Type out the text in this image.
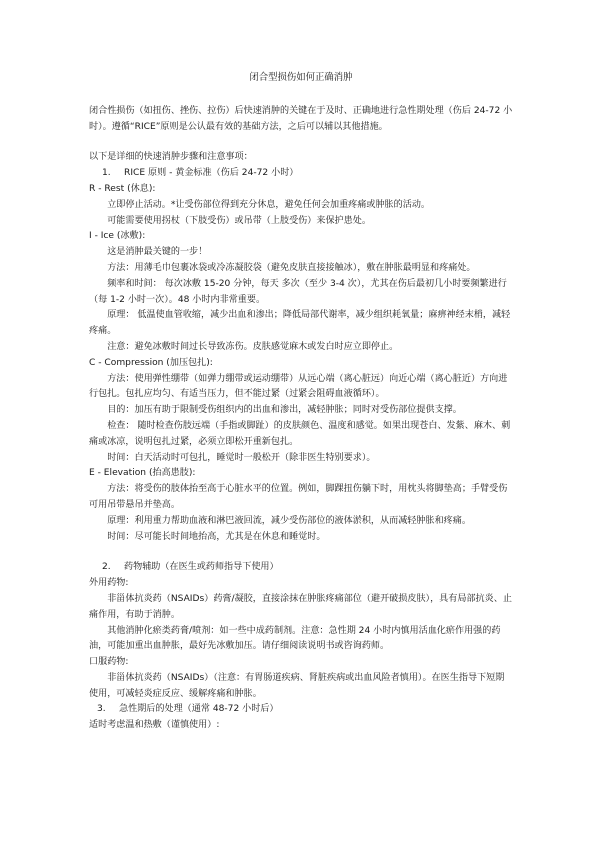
闭合型损伤如何正确消肿

闭合性损伤（如扭伤、挫伤、拉伤）后快速消肿的关键在于及时、正确地进行急性期处理（伤后 24-72 小时）。遵循“RICE”原则是公认最有效的基础方法，之后可以辅以其他措施。

以下是详细的快速消肿步骤和注意事项：

1. RICE 原则 - 黄金标准（伤后 24-72 小时）

R - Rest (休息):

立即停止活动。*让受伤部位得到充分休息，避免任何会加重疼痛或肿胀的活动。

可能需要使用拐杖（下肢受伤）或吊带（上肢受伤）来保护患处。

I - Ice (冰敷):

这是消肿最关键的一步！

方法：用薄毛巾包裹冰袋或冷冻凝胶袋（避免皮肤直接接触冰），敷在肿胀最明显和疼痛处。

频率和时间： 每次冰敷 15-20 分钟，每天 多次（至少 3-4 次），尤其在伤后最初几小时要频繁进行（每 1-2 小时一次）。48 小时内非常重要。

原理： 低温使血管收缩，减少出血和渗出；降低局部代谢率，减少组织耗氧量；麻痹神经末梢，减轻疼痛。

注意：避免冰敷时间过长导致冻伤。皮肤感觉麻木或发白时应立即停止。

C - Compression (加压包扎):

方法：使用弹性绷带（如弹力绷带或运动绷带）从远心端（离心脏远）向近心端（离心脏近）方向进行包扎。包扎应均匀、有适当压力，但不能过紧（过紧会阻碍血液循环）。

目的：加压有助于限制受伤组织内的出血和渗出，减轻肿胀；同时对受伤部位提供支撑。

检查： 随时检查伤肢远端（手指或脚趾）的皮肤颜色、温度和感觉。如果出现苍白、发紫、麻木、刺痛或冰凉，说明包扎过紧，必须立即松开重新包扎。

时间：白天活动时可包扎，睡觉时一般松开（除非医生特别要求）。

E - Elevation (抬高患肢):

方法：将受伤的肢体抬至高于心脏水平的位置。例如，脚踝扭伤躺下时，用枕头将脚垫高；手臂受伤可用吊带悬吊并垫高。

原理：利用重力帮助血液和淋巴液回流，减少受伤部位的液体淤积，从而减轻肿胀和疼痛。

时间：尽可能长时间地抬高，尤其是在休息和睡觉时。

2. 药物辅助（在医生或药师指导下使用）

外用药物:

非甾体抗炎药（NSAIDs）药膏/凝胶，直接涂抹在肿胀疼痛部位（避开破损皮肤），具有局部抗炎、止痛作用，有助于消肿。

其他消肿化瘀类药膏/喷剂：如一些中成药制剂。注意：急性期 24 小时内慎用活血化瘀作用强的药油，可能加重出血肿胀，最好先冰敷加压。请仔细阅读说明书或咨询药师。

口服药物:

非甾体抗炎药（NSAIDs）（注意：有胃肠道疾病、肾脏疾病或出血风险者慎用）。在医生指导下短期使用，可减轻炎症反应、缓解疼痛和肿胀。

3. 急性期后的处理（通常 48-72 小时后）

适时考虑温和热敷（谨慎使用）:
